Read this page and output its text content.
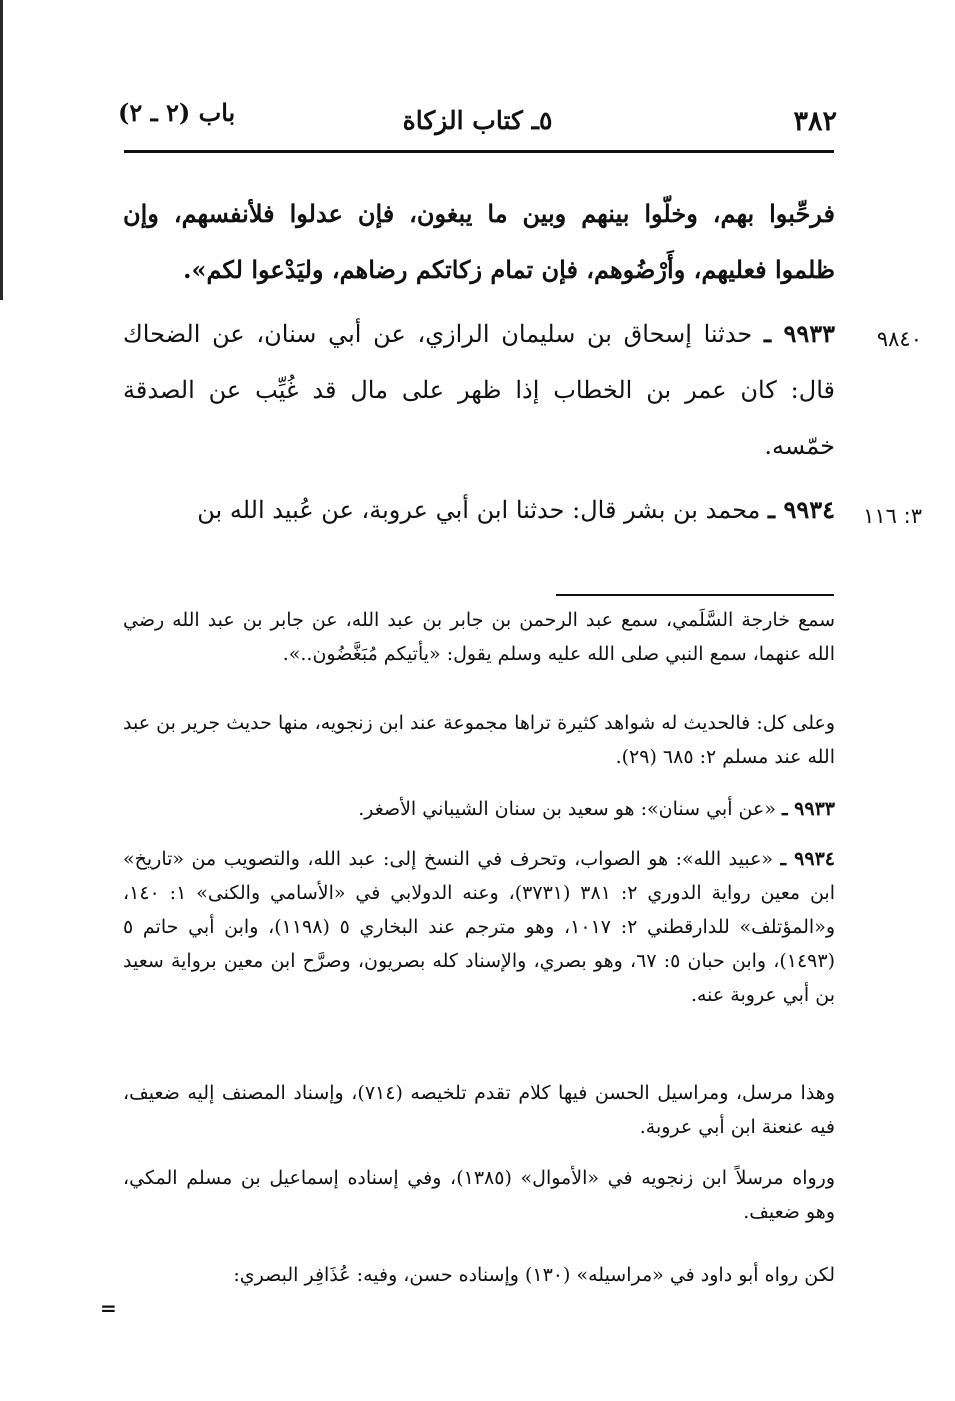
٣٨٢
٥ـ كتاب الزكاة
باب (٢ ـ ٢)
فرحِّبوا بهم، وخلّوا بينهم وبين ما يبغون، فإن عدلوا فلأنفسهم، وإن ظلموا فعليهم، وأَرْضُوهم، فإن تمام زكاتكم رضاهم، وليَدْعوا لكم».
٩٩٣٣ ـ حدثنا إسحاق بن سليمان الرازي، عن أبي سنان، عن الضحاك قال: كان عمر بن الخطاب إذا ظهر على مال قد غُيِّب عن الصدقة خمّسه.
٩٩٣٤ ـ محمد بن بشر قال: حدثنا ابن أبي عروبة، عن عُبيد الله بن
٩٨٤٠
٣: ١١٦
سمع خارجة السَّلَمي، سمع عبد الرحمن بن جابر بن عبد الله، عن جابر بن عبد الله رضي الله عنهما، سمع النبي صلى الله عليه وسلم يقول: «يأتيكم مُبَغَّضُون..».
وعلى كل: فالحديث له شواهد كثيرة تراها مجموعة عند ابن زنجويه، منها حديث جرير بن عبد الله عند مسلم ٢: ٦٨٥ (٢٩).
٩٩٣٣ ـ «عن أبي سنان»: هو سعيد بن سنان الشيباني الأصغر.
٩٩٣٤ ـ «عبيد الله»: هو الصواب، وتحرف في النسخ إلى: عبد الله، والتصويب من «تاريخ» ابن معين رواية الدوري ٢: ٣٨١ (٣٧٣١)، وعنه الدولابي في «الأسامي والكنى» ١: ١٤٠، و«المؤتلف» للدارقطني ٢: ١٠١٧، وهو مترجم عند البخاري ٥ (١١٩٨)، وابن أبي حاتم ٥ (١٤٩٣)، وابن حبان ٥: ٦٧، وهو بصري، والإسناد كله بصريون، وصرَّح ابن معين برواية سعيد بن أبي عروبة عنه.
وهذا مرسل، ومراسيل الحسن فيها كلام تقدم تلخيصه (٧١٤)، وإسناد المصنف إليه ضعيف، فيه عنعنة ابن أبي عروبة.
ورواه مرسلاً ابن زنجويه في «الأموال» (١٣٨٥)، وفي إسناده إسماعيل بن مسلم المكي، وهو ضعيف.
لكن رواه أبو داود في «مراسيله» (١٣٠) وإسناده حسن، وفيه: عُذَافِر البصري:
=
